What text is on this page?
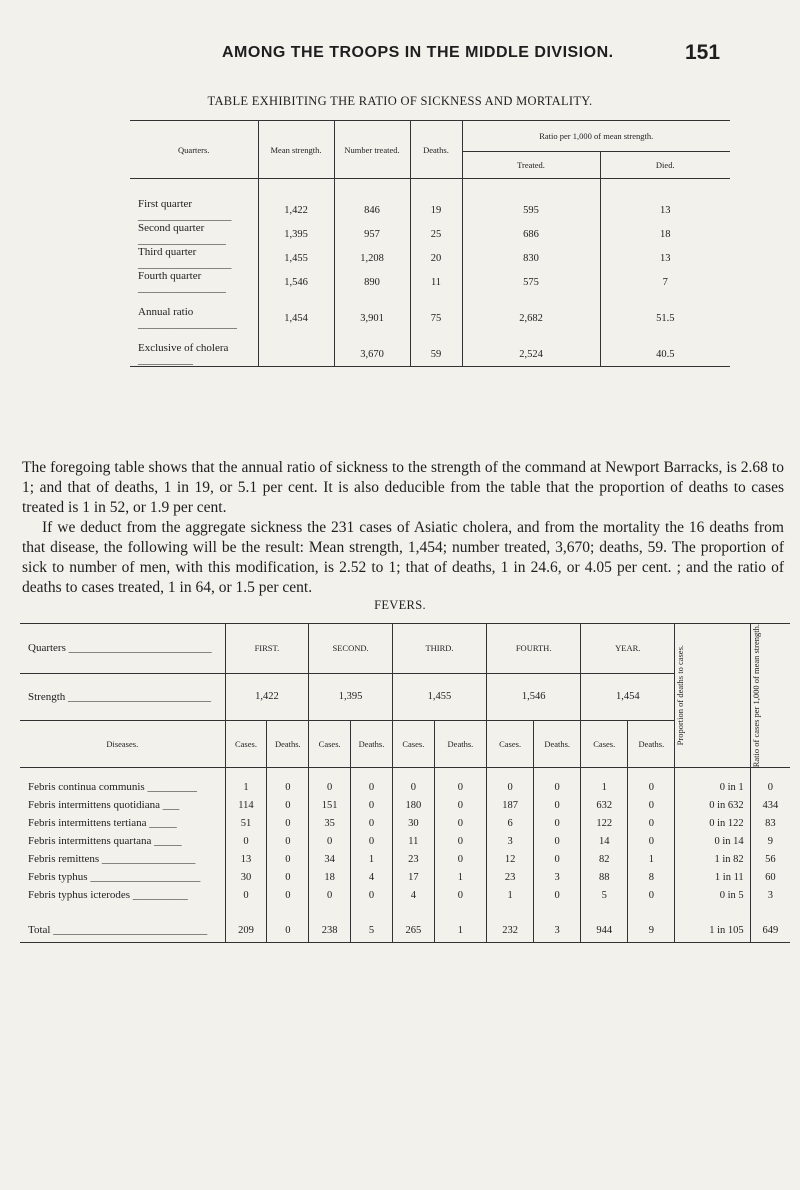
AMONG THE TROOPS IN THE MIDDLE DIVISION.	151
TABLE EXHIBITING THE RATIO OF SICKNESS AND MORTALITY.
Quarters.	Mean strength.	Number treated.	Deaths.	Ratio per 1,000 of mean strength.	
				Treated.	Died.

First quarter _________________	1,422	846	19	595	13
Second quarter ________________	1,395	957	25	686	18
Third quarter _________________	1,455	1,208	20	830	13
Fourth quarter ________________	1,546	890	11	575	7

Annual ratio __________________	1,454	3,901	75	2,682	51.5

Exclusive of cholera __________		3,670	59	2,524	40.5

The foregoing table shows that the annual ratio of sickness to the strength of the command at Newport Barracks, is 2.68 to 1; and that of deaths, 1 in 19, or 5.1 per cent. It is also deducible from the table that the proportion of deaths to cases treated is 1 in 52, or 1.9 per cent.

If we deduct from the aggregate sickness the 231 cases of Asiatic cholera, and from the mortality the 16 deaths from that disease, the following will be the result: Mean strength, 1,454; number treated, 3,670; deaths, 59. The proportion of sick to number of men, with this modification, is 2.52 to 1; that of deaths, 1 in 24.6, or 4.05 per cent. ; and the ratio of deaths to cases treated, 1 in 64, or 1.5 per cent.

FEVERS.
Quarters __________________________	FIRST.		SECOND.		THIRD.		FOURTH.		YEAR.		Proportion of deaths to cases.	Ratio of cases per 1,000 of mean strength.

Strength __________________________	1,422		1,395		1,455		1,546		1,454			
Diseases.	Cases.	Deaths.	Cases.	Deaths.	Cases.	Deaths.	Cases.	Deaths.	Cases.	Deaths.		

Febris continua communis _________	1	0	0	0	0	0	0	0	1	0	0 in 1	0
Febris intermittens quotidiana ___	114	0	151	0	180	0	187	0	632	0	0 in 632	434
Febris intermittens tertiana _____	51	0	35	0	30	0	6	0	122	0	0 in 122	83
Febris intermittens quartana _____	0	0	0	0	11	0	3	0	14	0	0 in 14	9
Febris remittens _________________	13	0	34	1	23	0	12	0	82	1	1 in 82	56
Febris typhus ____________________	30	0	18	4	17	1	23	3	88	8	1 in 11	60
Febris typhus icterodes __________	0	0	0	0	4	0	1	0	5	0	0 in 5	3

Total ____________________________	209	0	238	5	265	1	232	3	944	9	1 in 105	649
